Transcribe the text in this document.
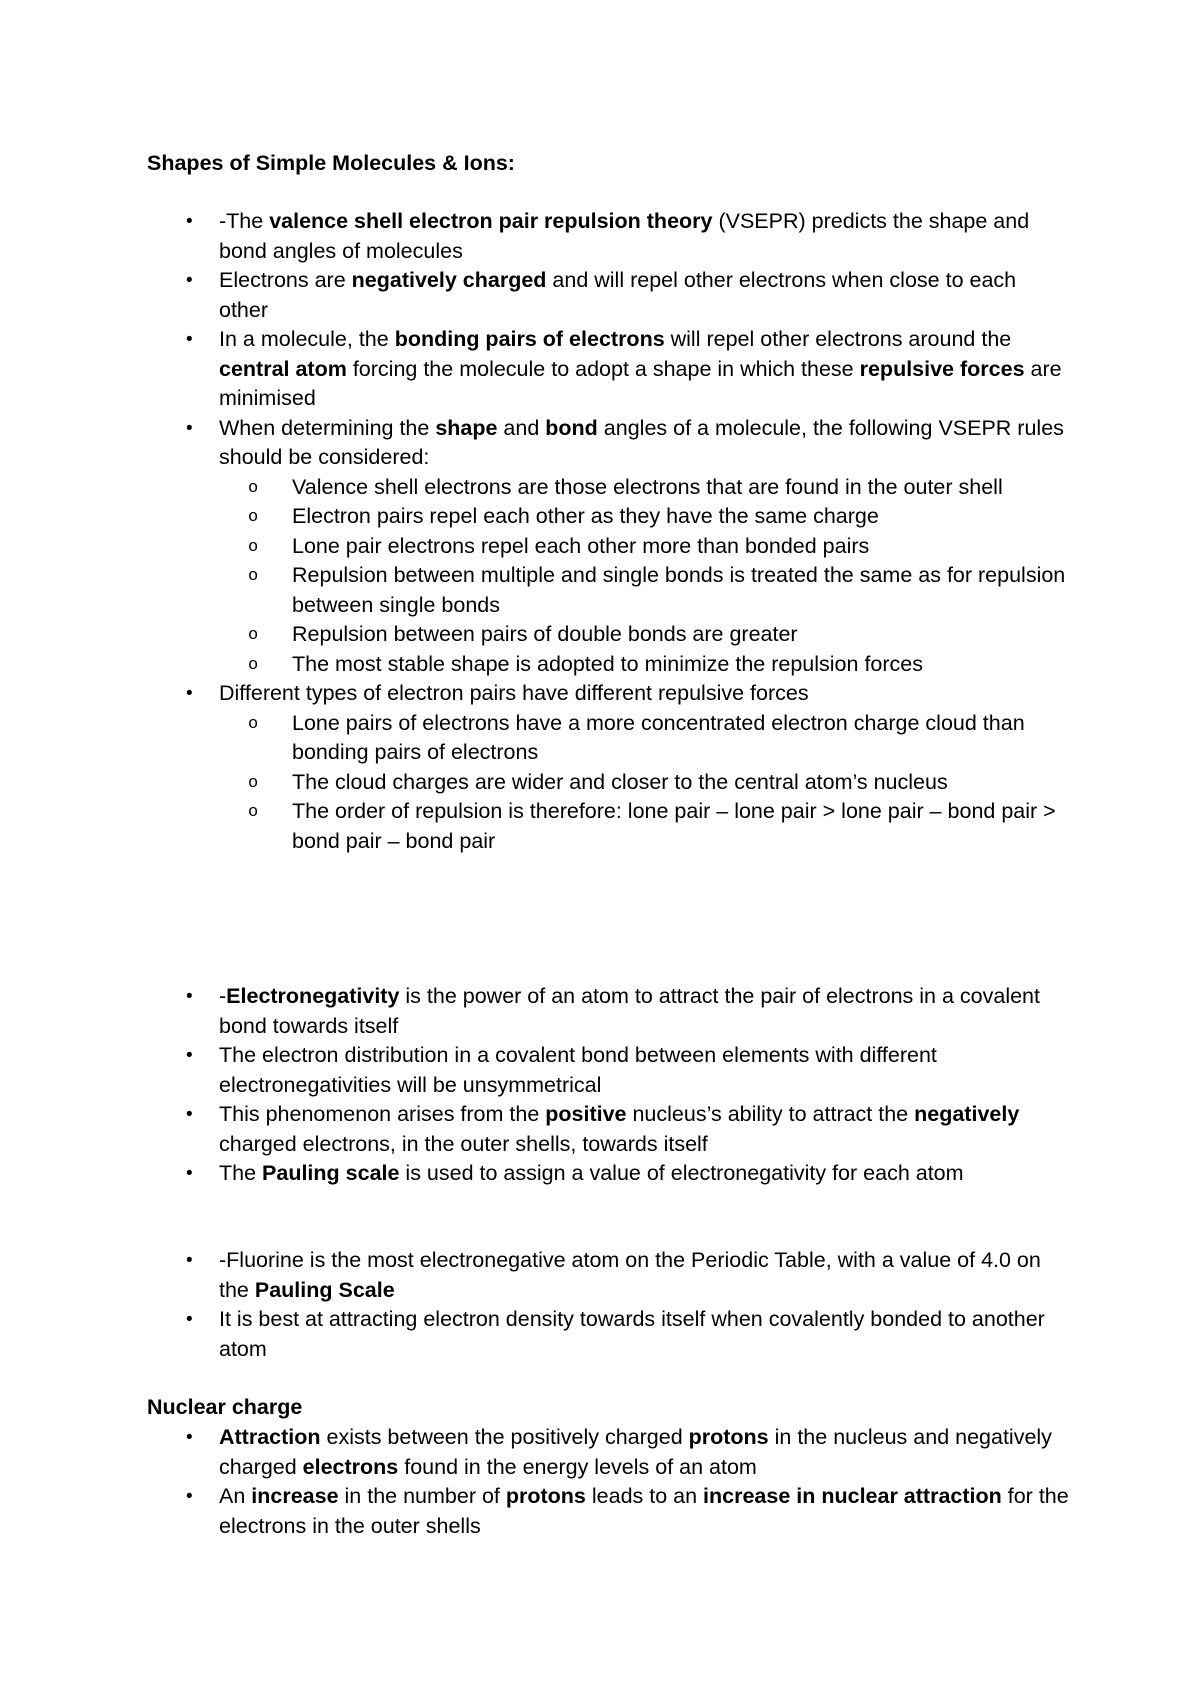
Shapes of Simple Molecules & Ions:
• -The valence shell electron pair repulsion theory (VSEPR) predicts the shape and bond angles of molecules
• Electrons are negatively charged and will repel other electrons when close to each other
• In a molecule, the bonding pairs of electrons will repel other electrons around the central atom forcing the molecule to adopt a shape in which these repulsive forces are minimised
• When determining the shape and bond angles of a molecule, the following VSEPR rules should be considered:
o Valence shell electrons are those electrons that are found in the outer shell
o Electron pairs repel each other as they have the same charge
o Lone pair electrons repel each other more than bonded pairs
o Repulsion between multiple and single bonds is treated the same as for repulsion between single bonds
o Repulsion between pairs of double bonds are greater
o The most stable shape is adopted to minimize the repulsion forces
• Different types of electron pairs have different repulsive forces
o Lone pairs of electrons have a more concentrated electron charge cloud than bonding pairs of electrons
o The cloud charges are wider and closer to the central atom’s nucleus
o The order of repulsion is therefore: lone pair – lone pair > lone pair – bond pair > bond pair – bond pair
• -Electronegativity is the power of an atom to attract the pair of electrons in a covalent bond towards itself
• The electron distribution in a covalent bond between elements with different electronegativities will be unsymmetrical
• This phenomenon arises from the positive nucleus’s ability to attract the negatively charged electrons, in the outer shells, towards itself
• The Pauling scale is used to assign a value of electronegativity for each atom
• -Fluorine is the most electronegative atom on the Periodic Table, with a value of 4.0 on the Pauling Scale
• It is best at attracting electron density towards itself when covalently bonded to another atom
Nuclear charge
• Attraction exists between the positively charged protons in the nucleus and negatively charged electrons found in the energy levels of an atom
• An increase in the number of protons leads to an increase in nuclear attraction for the electrons in the outer shells
